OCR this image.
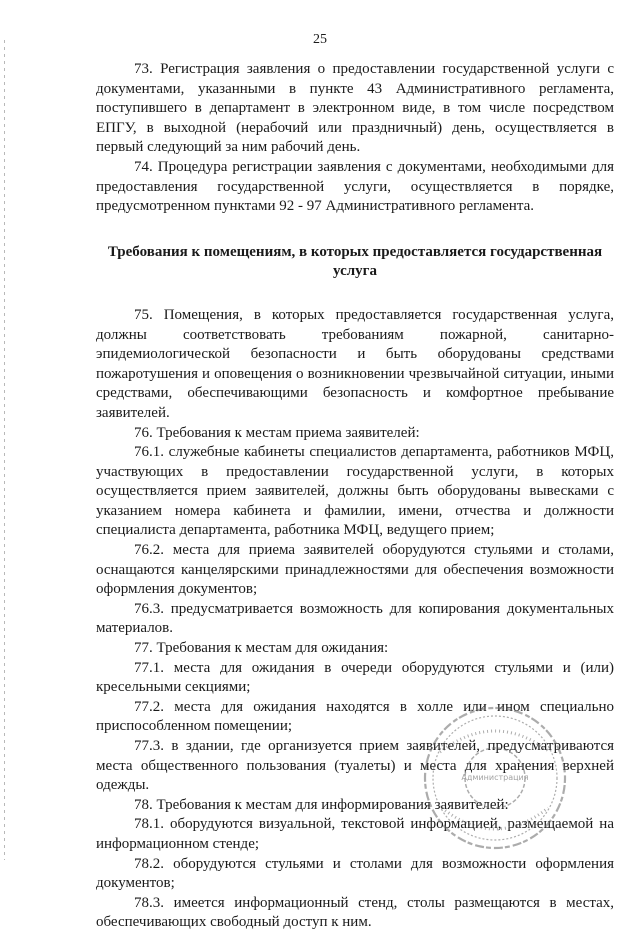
25

73. Регистрация заявления о предоставлении государственной услуги с документами, указанными в пункте 43 Административного регламента, поступившего в департамент в электронном виде, в том числе посредством ЕПГУ, в выходной (нерабочий или праздничный) день, осуществляется в первый следующий за ним рабочий день.

74. Процедура регистрации заявления с документами, необходимыми для предоставления государственной услуги, осуществляется в порядке, предусмотренном пунктами 92 - 97 Административного регламента.

Требования к помещениям, в которых предоставляется государственная услуга

75. Помещения, в которых предоставляется государственная услуга, должны соответствовать требованиям пожарной, санитарно-эпидемиологической безопасности и быть оборудованы средствами пожаротушения и оповещения о возникновении чрезвычайной ситуации, иными средствами, обеспечивающими безопасность и комфортное пребывание заявителей.

76. Требования к местам приема заявителей:

76.1. служебные кабинеты специалистов департамента, работников МФЦ, участвующих в предоставлении государственной услуги, в которых осуществляется прием заявителей, должны быть оборудованы вывесками с указанием номера кабинета и фамилии, имени, отчества и должности специалиста департамента, работника МФЦ, ведущего прием;

76.2. места для приема заявителей оборудуются стульями и столами, оснащаются канцелярскими принадлежностями для обеспечения возможности оформления документов;

76.3. предусматривается возможность для копирования документальных материалов.

77. Требования к местам для ожидания:

77.1. места для ожидания в очереди оборудуются стульями и (или) кресельными секциями;

77.2. места для ожидания находятся в холле или ином специально приспособленном помещении;

77.3. в здании, где организуется прием заявителей, предусматриваются места общественного пользования (туалеты) и места для хранения верхней одежды.

78. Требования к местам для информирования заявителей:

78.1. оборудуются визуальной, текстовой информацией, размещаемой на информационном стенде;

78.2. оборудуются стульями и столами для возможности оформления документов;

78.3. имеется информационный стенд, столы размещаются в местах, обеспечивающих свободный доступ к ним.

Администрация
